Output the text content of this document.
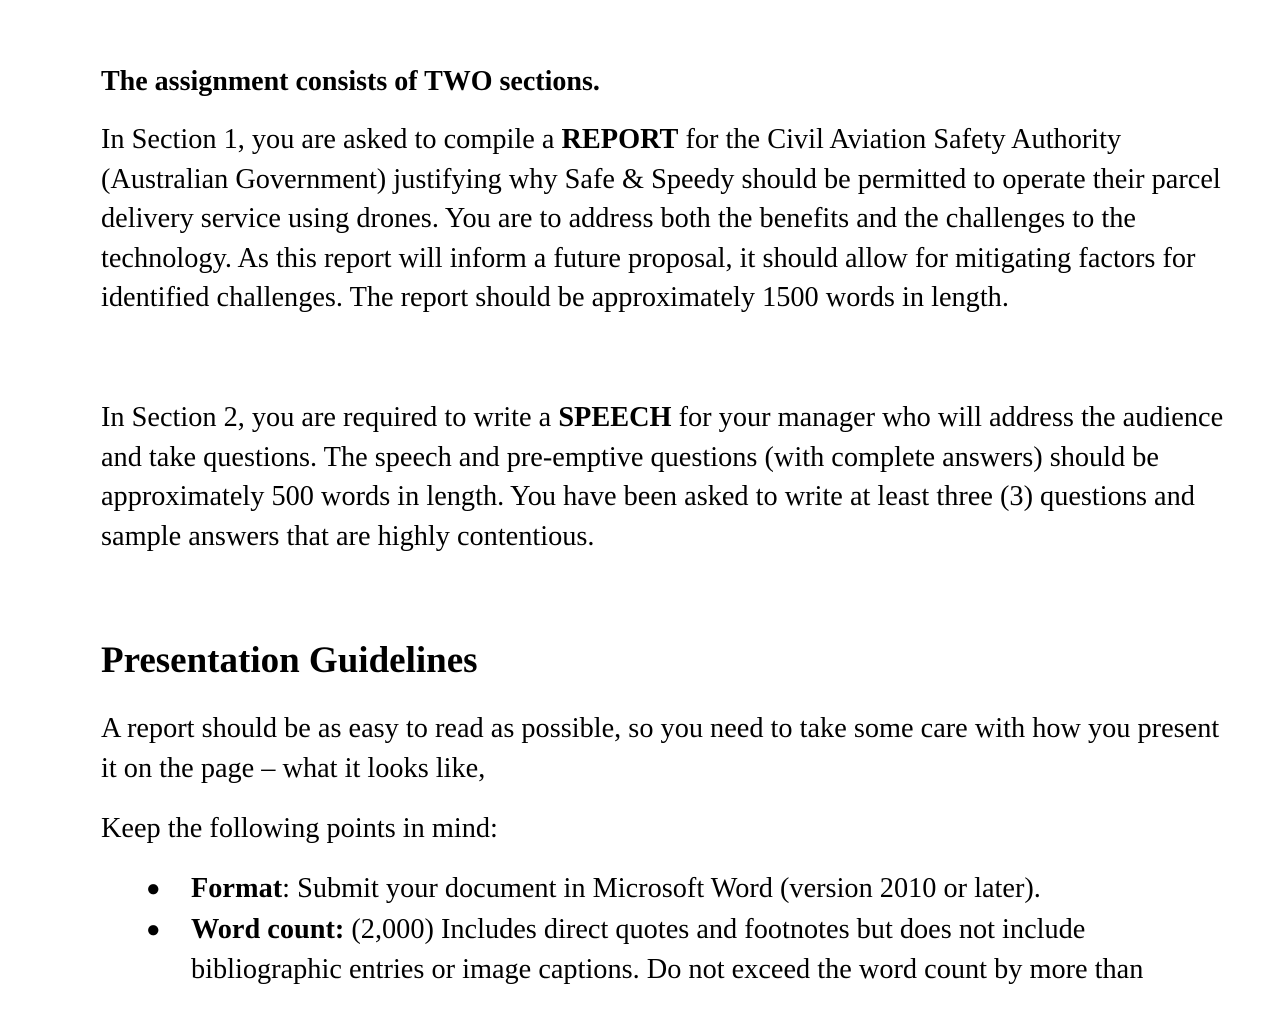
The assignment consists of TWO sections.

In Section 1, you are asked to compile a REPORT for the Civil Aviation Safety Authority (Australian Government) justifying why Safe & Speedy should be permitted to operate their parcel delivery service using drones. You are to address both the benefits and the challenges to the technology. As this report will inform a future proposal, it should allow for mitigating factors for identified challenges. The report should be approximately 1500 words in length.

In Section 2, you are required to write a SPEECH for your manager who will address the audience and take questions. The speech and pre-emptive questions (with complete answers) should be approximately 500 words in length. You have been asked to write at least three (3) questions and sample answers that are highly contentious.

Presentation Guidelines

A report should be as easy to read as possible, so you need to take some care with how you present it on the page – what it looks like,

Keep the following points in mind:

● Format: Submit your document in Microsoft Word (version 2010 or later).
● Word count: (2,000) Includes direct quotes and footnotes but does not include bibliographic entries or image captions. Do not exceed the word count by more than
